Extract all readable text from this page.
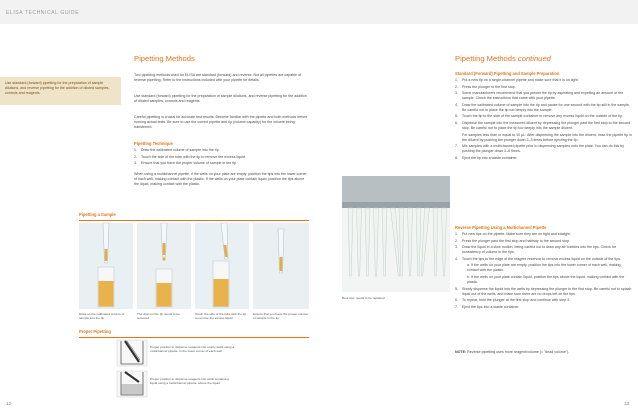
ELISA TECHNICAL GUIDE
Use standard (forward) pipetting for the preparation of sample dilutions, and reverse pipetting for the addition of diluted samples, controls and reagents.
Pipetting Methods
Two pipetting methods used for ELISA are standard (forward) and reverse. Not all pipettes are capable of reverse pipetting. Refer to the instructions included with your pipette for details.
Use standard (forward) pipetting for the preparation of sample dilutions, and reverse pipetting for the addition of diluted samples, controls and reagents.
Careful pipetting is crucial for accurate test results. Become familiar with the pipette and both methods before running actual tests. Be sure to use the correct pipette and tip (volume capacity) for the volume being transferred.
Pipetting Technique
1. Draw the calibrated volume of sample into the tip.
2. Touch the side of the tube with the tip to remove the excess liquid.
3. Ensure that you have the proper volume of sample in the tip.
When using a multichannel pipette, if the wells on your plate are empty, position the tips into the lower corner of each well, making contact with the plastic. If the wells on your plate contain liquid, position the tips above the liquid, making contact with the plastic.
Pipetting a Sample
Draw up the calibrated volume of sample into the tip
The drop on the tip needs to be removed
Touch the side of the tube with the tip to remove the excess liquid
Ensure that you have the proper volume of sample in the tip
Proper Pipetting
Proper position to dispense reagents into empty wells using a multichannel pipette, in the lower corner of each well
Proper position to dispense reagents into wells containing liquid using a multichannel pipette, above the liquid
12
Pipetting Methods continued
Standard (Forward) Pipetting and Sample Preparation
1. Put a new tip on a single-channel pipette and make sure that it is on tight.
2. Press the plunger to the first stop.
3. Some manufacturers recommend that you prewet the tip by aspirating and expelling an amount of the sample. Check the instructions that came with your pipette.
4. Draw the calibrated volume of sample into the tip and pause for one second with the tip still in the sample. Be careful not to place the tip too deeply into the sample.
5. Touch the tip to the side of the sample container to remove any excess liquid on the outside of the tip.
6. Dispense the sample into the measured diluent by depressing the plunger past the first stop to the second stop. Be careful not to place the tip too deeply into the sample diluent.
For samples less than or equal to 10 µL: After dispensing the sample into the diluent, rinse the pipette tip in the diluent by pushing the plunger down 2–3 times before ejecting the tip.
7. Mix samples with a multichannel pipette prior to dispensing samples onto the plate. You can do this by pushing the plunger down 3–6 times.
8. Eject the tip into a waste container.
Reverse Pipetting Using a Multichannel Pipette
1. Put new tips on the pipette. Make sure they are on tight and straight.
2. Press the plunger past the first stop and halfway to the second stop.
3. Draw the liquid in a slow motion, being careful not to draw any air bubbles into the tips. Check for consistency of volume in the tips.
4. Touch the tips to the edge of the reagent reservoir to remove excess liquid on the outside of the tips.
a. If the wells on your plate are empty, position the tips into the lower corner of each well, making contact with the plastic.
b. If the wells on your plate contain liquid, position the tips above the liquid, making contact with the plastic.
5. Slowly dispense the liquid into the wells by depressing the plunger to the first stop. Be careful not to splash liquid out of the wells, and make sure there are no drops left on the tips.
6. To repeat, hold the plunger at the first stop and continue with step 3.
7. Eject the tips into a waste container.
NOTE: Reverse pipetting uses more reagent/volume (= "dead volume").
Bent tips: needs to be replaced
13
